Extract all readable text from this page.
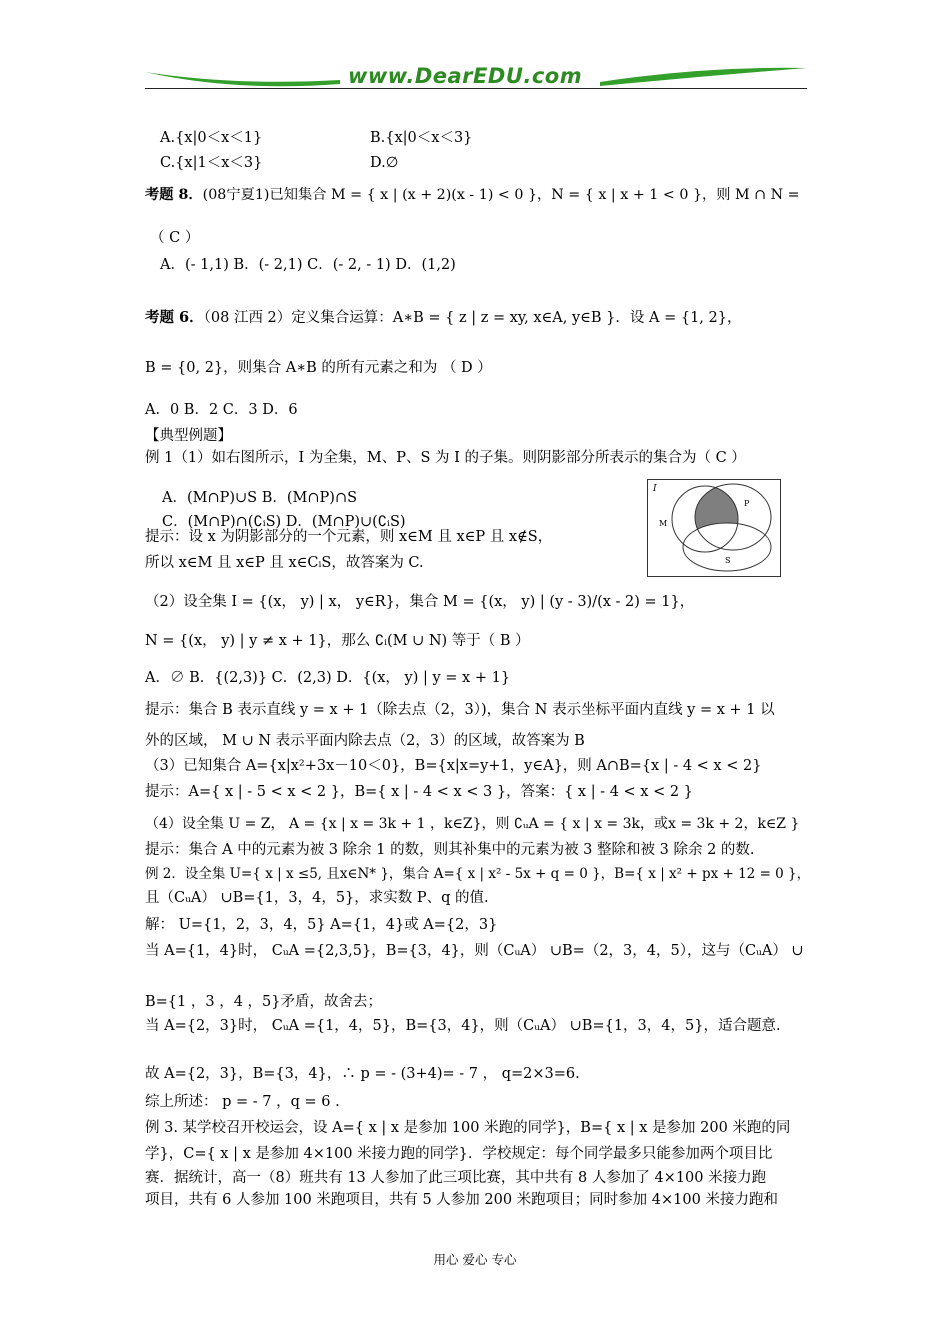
www.DearEDU.com
A.{x|0＜x＜1}	B.{x|0＜x＜3}
C.{x|1＜x＜3}	D.∅
考题 8．(08宁夏1)已知集合 M = { x | (x + 2)(x - 1) < 0 }，N = { x | x + 1 < 0 }，则 M ∩ N =
（ C ）
A．(- 1,1) B．(- 2,1) C．(- 2, - 1) D．(1,2)
考题 6．（08 江西 2）定义集合运算：A∗B = { z | z = xy, x∈A, y∈B }．设 A = {1, 2}，
B = {0, 2}，则集合 A∗B 的所有元素之和为 （ D ）
A．0 B．2 C．3 D．6
【典型例题】
例 1（1）如右图所示，I 为全集，M、P、S 为 I 的子集。则阴影部分所表示的集合为（ C ）
A．(M∩P)∪S B．(M∩P)∩S
C．(M∩P)∩(∁ᵢS) D．(M∩P)∪(∁ᵢS)
提示：设 x 为阴影部分的一个元素，则 x∈M 且 x∈P 且 x∉S，
所以 x∈M 且 x∈P 且 x∈CᵢS，故答案为 C.
（2）设全集 I = {(x， y) | x， y∈R}，集合 M = {(x， y) | (y - 3)/(x - 2) = 1}，
N = {(x， y) | y ≠ x + 1}，那么 ∁ᵢ(M ∪ N) 等于（ B ）
A．∅ B．{(2,3)} C．(2,3) D．{(x， y) | y = x + 1}
提示：集合 B 表示直线 y = x + 1（除去点（2，3）)，集合 N 表示坐标平面内直线 y = x + 1 以
外的区域， M ∪ N 表示平面内除去点（2，3）的区域，故答案为 B
（3）已知集合 A={x|x²+3x－10＜0}，B={x|x=y+1，y∈A}，则 A∩B={x | - 4 < x < 2}
提示：A={ x | - 5 < x < 2 }，B={ x | - 4 < x < 3 }，答案：{ x | - 4 < x < 2 }
（4）设全集 U = Z， A = {x | x = 3k + 1 ，k∈Z}，则 ∁ᵤA = { x | x = 3k，或x = 3k + 2，k∈Z }
提示：集合 A 中的元素为被 3 除余 1 的数，则其补集中的元素为被 3 整除和被 3 除余 2 的数.
例 2．设全集 U={ x | x ≤5, 且x∈N* }，集合 A={ x | x² - 5x + q = 0 }，B={ x | x² + px + 12 = 0 }，
且（CᵤA） ∪B={1，3，4，5}，求实数 P、q 的值.
解： U={1，2，3，4，5} A={1，4}或 A={2，3}
当 A={1，4}时， CᵤA ={2,3,5}，B={3，4}，则（CᵤA） ∪B=（2，3，4，5），这与（CᵤA） ∪
B={1 ，3 ，4 ，5}矛盾，故舍去；
当 A={2，3}时， CᵤA ={1，4，5}，B={3，4}，则（CᵤA） ∪B={1，3，4，5}，适合题意.
故 A={2，3}，B={3，4}，∴ p = - (3+4)= - 7 ， q=2×3=6.
综上所述： p = - 7 ，q = 6 .
例 3. 某学校召开校运会，设 A={ x | x 是参加 100 米跑的同学}，B={ x | x 是参加 200 米跑的同
学}，C={ x | x 是参加 4×100 米接力跑的同学}．学校规定：每个同学最多只能参加两个项目比
赛．据统计，高一（8）班共有 13 人参加了此三项比赛，其中共有 8 人参加了 4×100 米接力跑
项目，共有 6 人参加 100 米跑项目，共有 5 人参加 200 米跑项目；同时参加 4×100 米接力跑和
I
M
P
S
用心 爱心 专心
